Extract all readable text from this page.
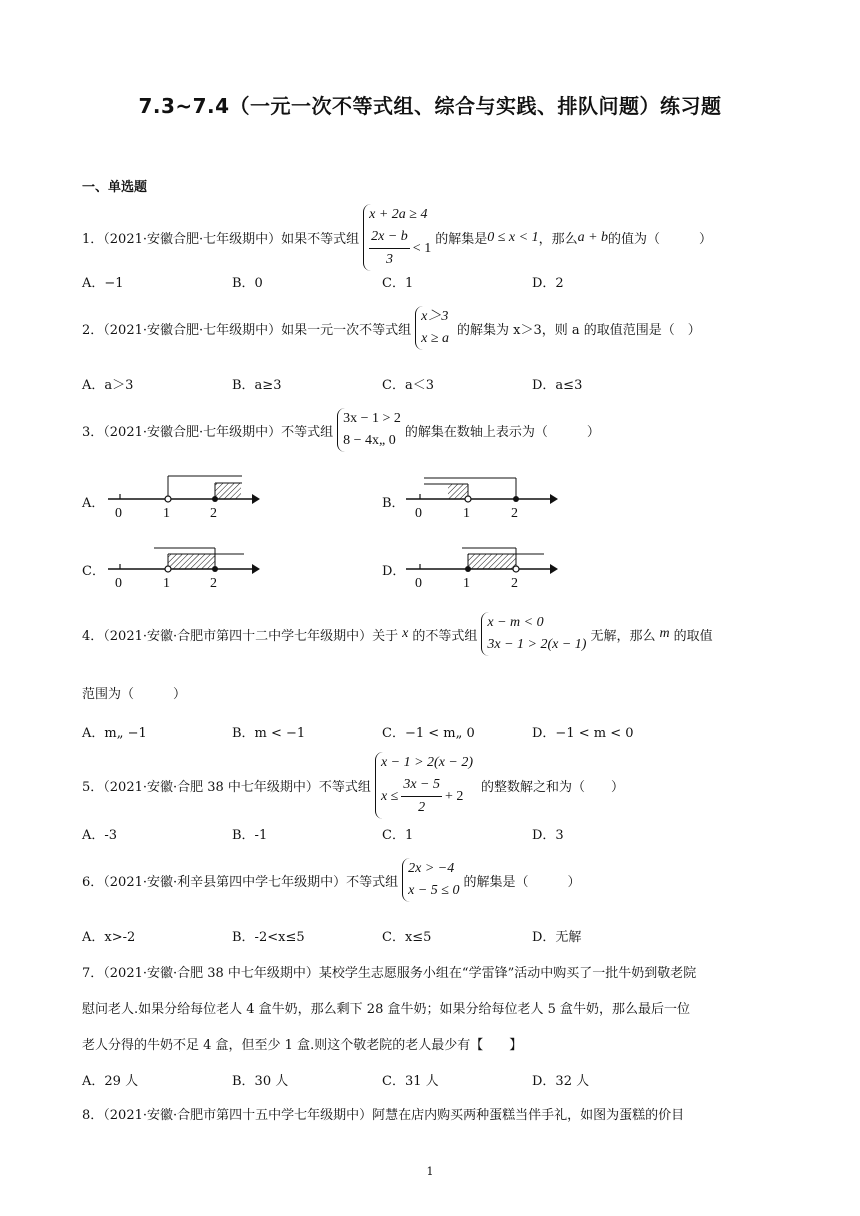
7.3~7.4（一元一次不等式组、综合与实践、排队问题）练习题
一、单选题
1．（2021·安徽合肥·七年级期中）如果不等式组
x + 2a ≥ 4
$\frac{2x - b}{3} < 1$
的解集是 0 ≤ x < 1 ，那么 a + b 的值为（　　　）
A．−1	B．0	C．1	D．2
2．（2021·安徽合肥·七年级期中）如果一元一次不等式组
x＞3
x ≥ a
的解集为 x＞3，则 a 的取值范围是（　）
A．a＞3	B．a≥3	C．a＜3	D．a≤3
3．（2021·安徽合肥·七年级期中）不等式组
3x − 1 > 2
8 − 4x„ 0
的解集在数轴上表示为（　　　）
A．	B．
C．	D．
0	1	2	0	1	2
0	1	2	0	1	2
4．（2021·安徽·合肥市第四十二中学七年级期中）关于 x 的不等式组
x − m < 0
3x − 1 > 2(x − 1)
无解，那么 m 的取值
范围为（　　　）
A．m„ −1	B．m < −1	C．−1 < m„ 0	D．−1 < m < 0
5．（2021·安徽·合肥 38 中七年级期中）不等式组
x − 1 > 2(x − 2)
$x \le \frac{3x - 5}{2} + 2$
的整数解之和为（　　）
A．-3	B．-1	C．1	D．3
6．（2021·安徽·利辛县第四中学七年级期中）不等式组
2x > −4
x − 5 ≤ 0
的解集是（　　　）
A．x>-2	B．-2<x≤5	C．x≤5	D．无解
7．（2021·安徽·合肥 38 中七年级期中）某校学生志愿服务小组在“学雷锋”活动中购买了一批牛奶到敬老院
慰问老人.如果分给每位老人 4 盒牛奶，那么剩下 28 盒牛奶；如果分给每位老人 5 盒牛奶，那么最后一位
老人分得的牛奶不足 4 盒，但至少 1 盒.则这个敬老院的老人最少有【　　】
A．29 人	B．30 人	C．31 人	D．32 人
8．（2021·安徽·合肥市第四十五中学七年级期中）阿慧在店内购买两种蛋糕当伴手礼，如图为蛋糕的价目
1
